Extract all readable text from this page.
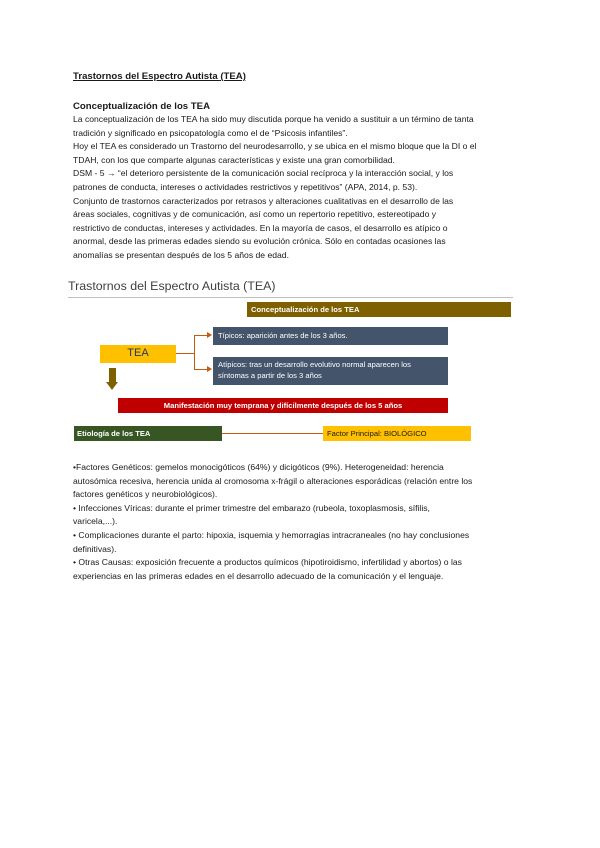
Trastornos del Espectro Autista (TEA)

Conceptualización de los TEA

La conceptualización de los TEA ha sido muy discutida porque ha venido a sustituir a un término de tanta

tradición y significado en psicopatología como el de “Psicosis infantiles”.

Hoy el TEA es considerado un Trastorno del neurodesarrollo, y se ubica en el mismo bloque que la DI o el

TDAH, con los que comparte algunas características y existe una gran comorbilidad.

DSM - 5 → “el deterioro persistente de la comunicación social recíproca y la interacción social, y los

patrones de conducta, intereses o actividades restrictivos y repetitivos” (APA, 2014, p. 53).

Conjunto de trastornos caracterizados por retrasos y alteraciones cualitativas en el desarrollo de las

áreas sociales, cognitivas y de comunicación, así como un repertorio repetitivo, estereotipado y

restrictivo de conductas, intereses y actividades. En la mayoría de casos, el desarrollo es atípico o

anormal, desde las primeras edades siendo su evolución crónica. Sólo en contadas ocasiones las

anomalías se presentan después de los 5 años de edad.

Trastornos del Espectro Autista (TEA)
Conceptualización de los TEA
TEA
Típicos: aparición antes de los 3 años.
Atípicos: tras un desarrollo evolutivo normal aparecen los
síntomas a partir de los 3 años
Manifestación muy temprana y difícilmente después de los 5 años
Etiología de los TEA	Factor Principal: BIOLÓGICO

•Factores Genéticos: gemelos monocigóticos (64%) y dicigóticos (9%). Heterogeneidad: herencia

autosómica recesiva, herencia unida al cromosoma x-frágil o alteraciones esporádicas (relación entre los

factores genéticos y neurobiológicos).

• Infecciones Víricas: durante el primer trimestre del embarazo (rubeola, toxoplasmosis, sífilis,

varicela,...).

• Complicaciones durante el parto: hipoxia, isquemia y hemorragias intracraneales (no hay conclusiones

definitivas).

• Otras Causas: exposición frecuente a productos químicos (hipotiroidismo, infertilidad y abortos) o las

experiencias en las primeras edades en el desarrollo adecuado de la comunicación y el lenguaje.
